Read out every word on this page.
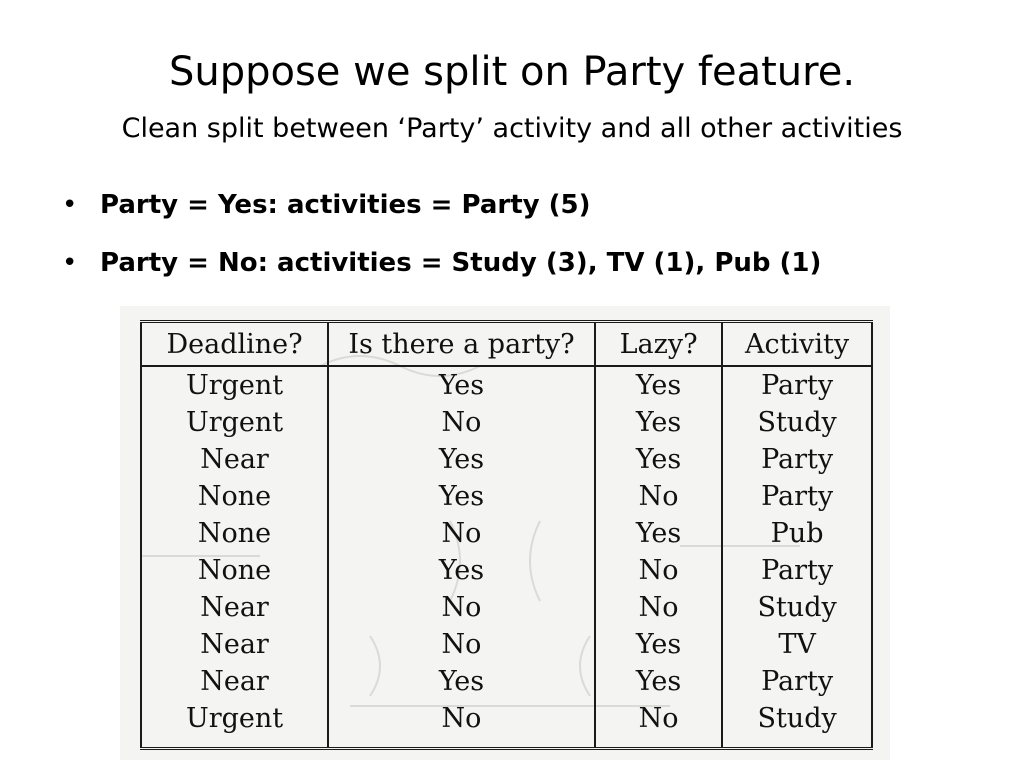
Suppose we split on Party feature.

Clean split between ‘Party’ activity and all other activities

• Party = Yes: activities = Party (5)
• Party = No: activities = Study (3), TV (1), Pub (1)
Deadline?	Is there a party?	Lazy?	Activity
Urgent	Yes	Yes	Party
Urgent	No	Yes	Study
Near	Yes	Yes	Party
None	Yes	No	Party
None	No	Yes	Pub
None	Yes	No	Party
Near	No	No	Study
Near	No	Yes	TV
Near	Yes	Yes	Party
Urgent	No	No	Study
